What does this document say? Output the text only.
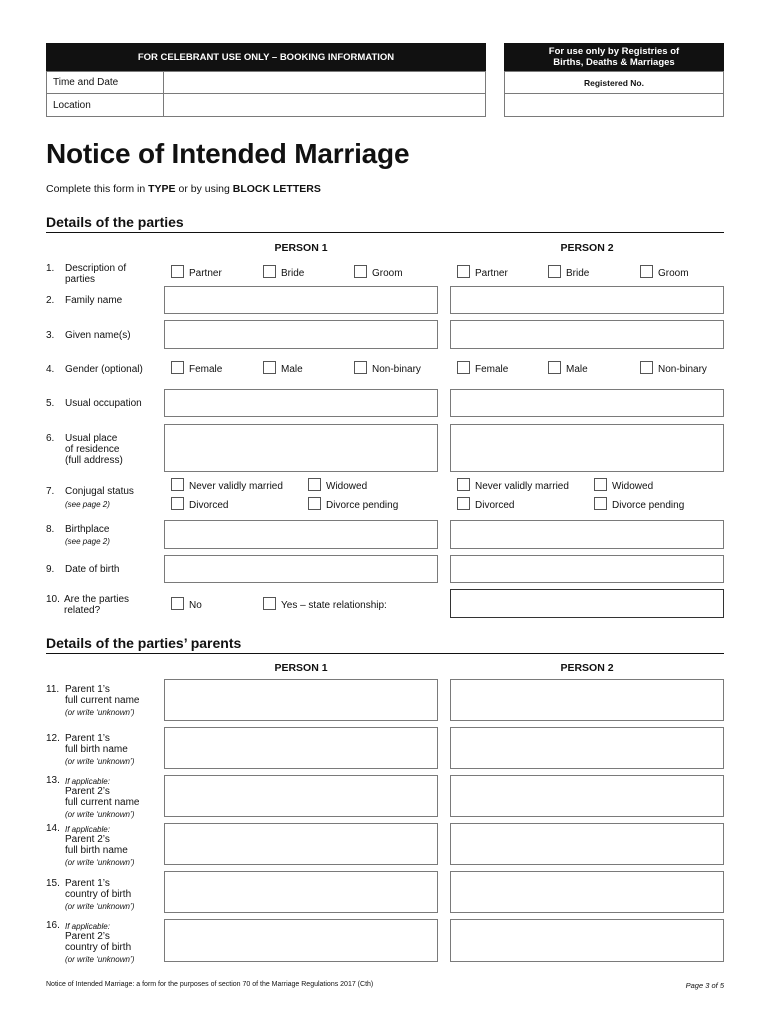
FOR CELEBRANT USE ONLY – BOOKING INFORMATION
Time and Date
Location
For use only by Registries of
Births, Deaths & Marriages
Registered No.
Notice of Intended Marriage
Complete this form in TYPE or by using BLOCK LETTERS
Details of the parties
PERSON 1	PERSON 2
1. Description of
parties
Partner	Bride	Groom	Partner	Bride	Groom
2. Family name
3. Given name(s)
4. Gender (optional)	Female	Male	Non-binary	Female	Male	Non-binary
5. Usual occupation
6. Usual place
of residence
(full address)
7. Conjugal status
(see page 2)
Never validly married	Widowed
Divorced	Divorce pending
Never validly married	Widowed
Divorced	Divorce pending
8. Birthplace
(see page 2)
9. Date of birth
10. Are the parties
related?	No	Yes – state relationship:
Details of the parties’ parents
PERSON 1	PERSON 2
11. Parent 1’s
full current name
(or write ‘unknown’)
12. Parent 1’s
full birth name
(or write ‘unknown’)
13. If applicable:
Parent 2’s
full current name
(or write ‘unknown’)
14. If applicable:
Parent 2’s
full birth name
(or write ‘unknown’)
15. Parent 1’s
country of birth
(or write ‘unknown’)
16. If applicable:
Parent 2’s
country of birth
(or write ‘unknown’)
Notice of Intended Marriage: a form for the purposes of section 70 of the Marriage Regulations 2017 (Cth)	Page 3 of 5
